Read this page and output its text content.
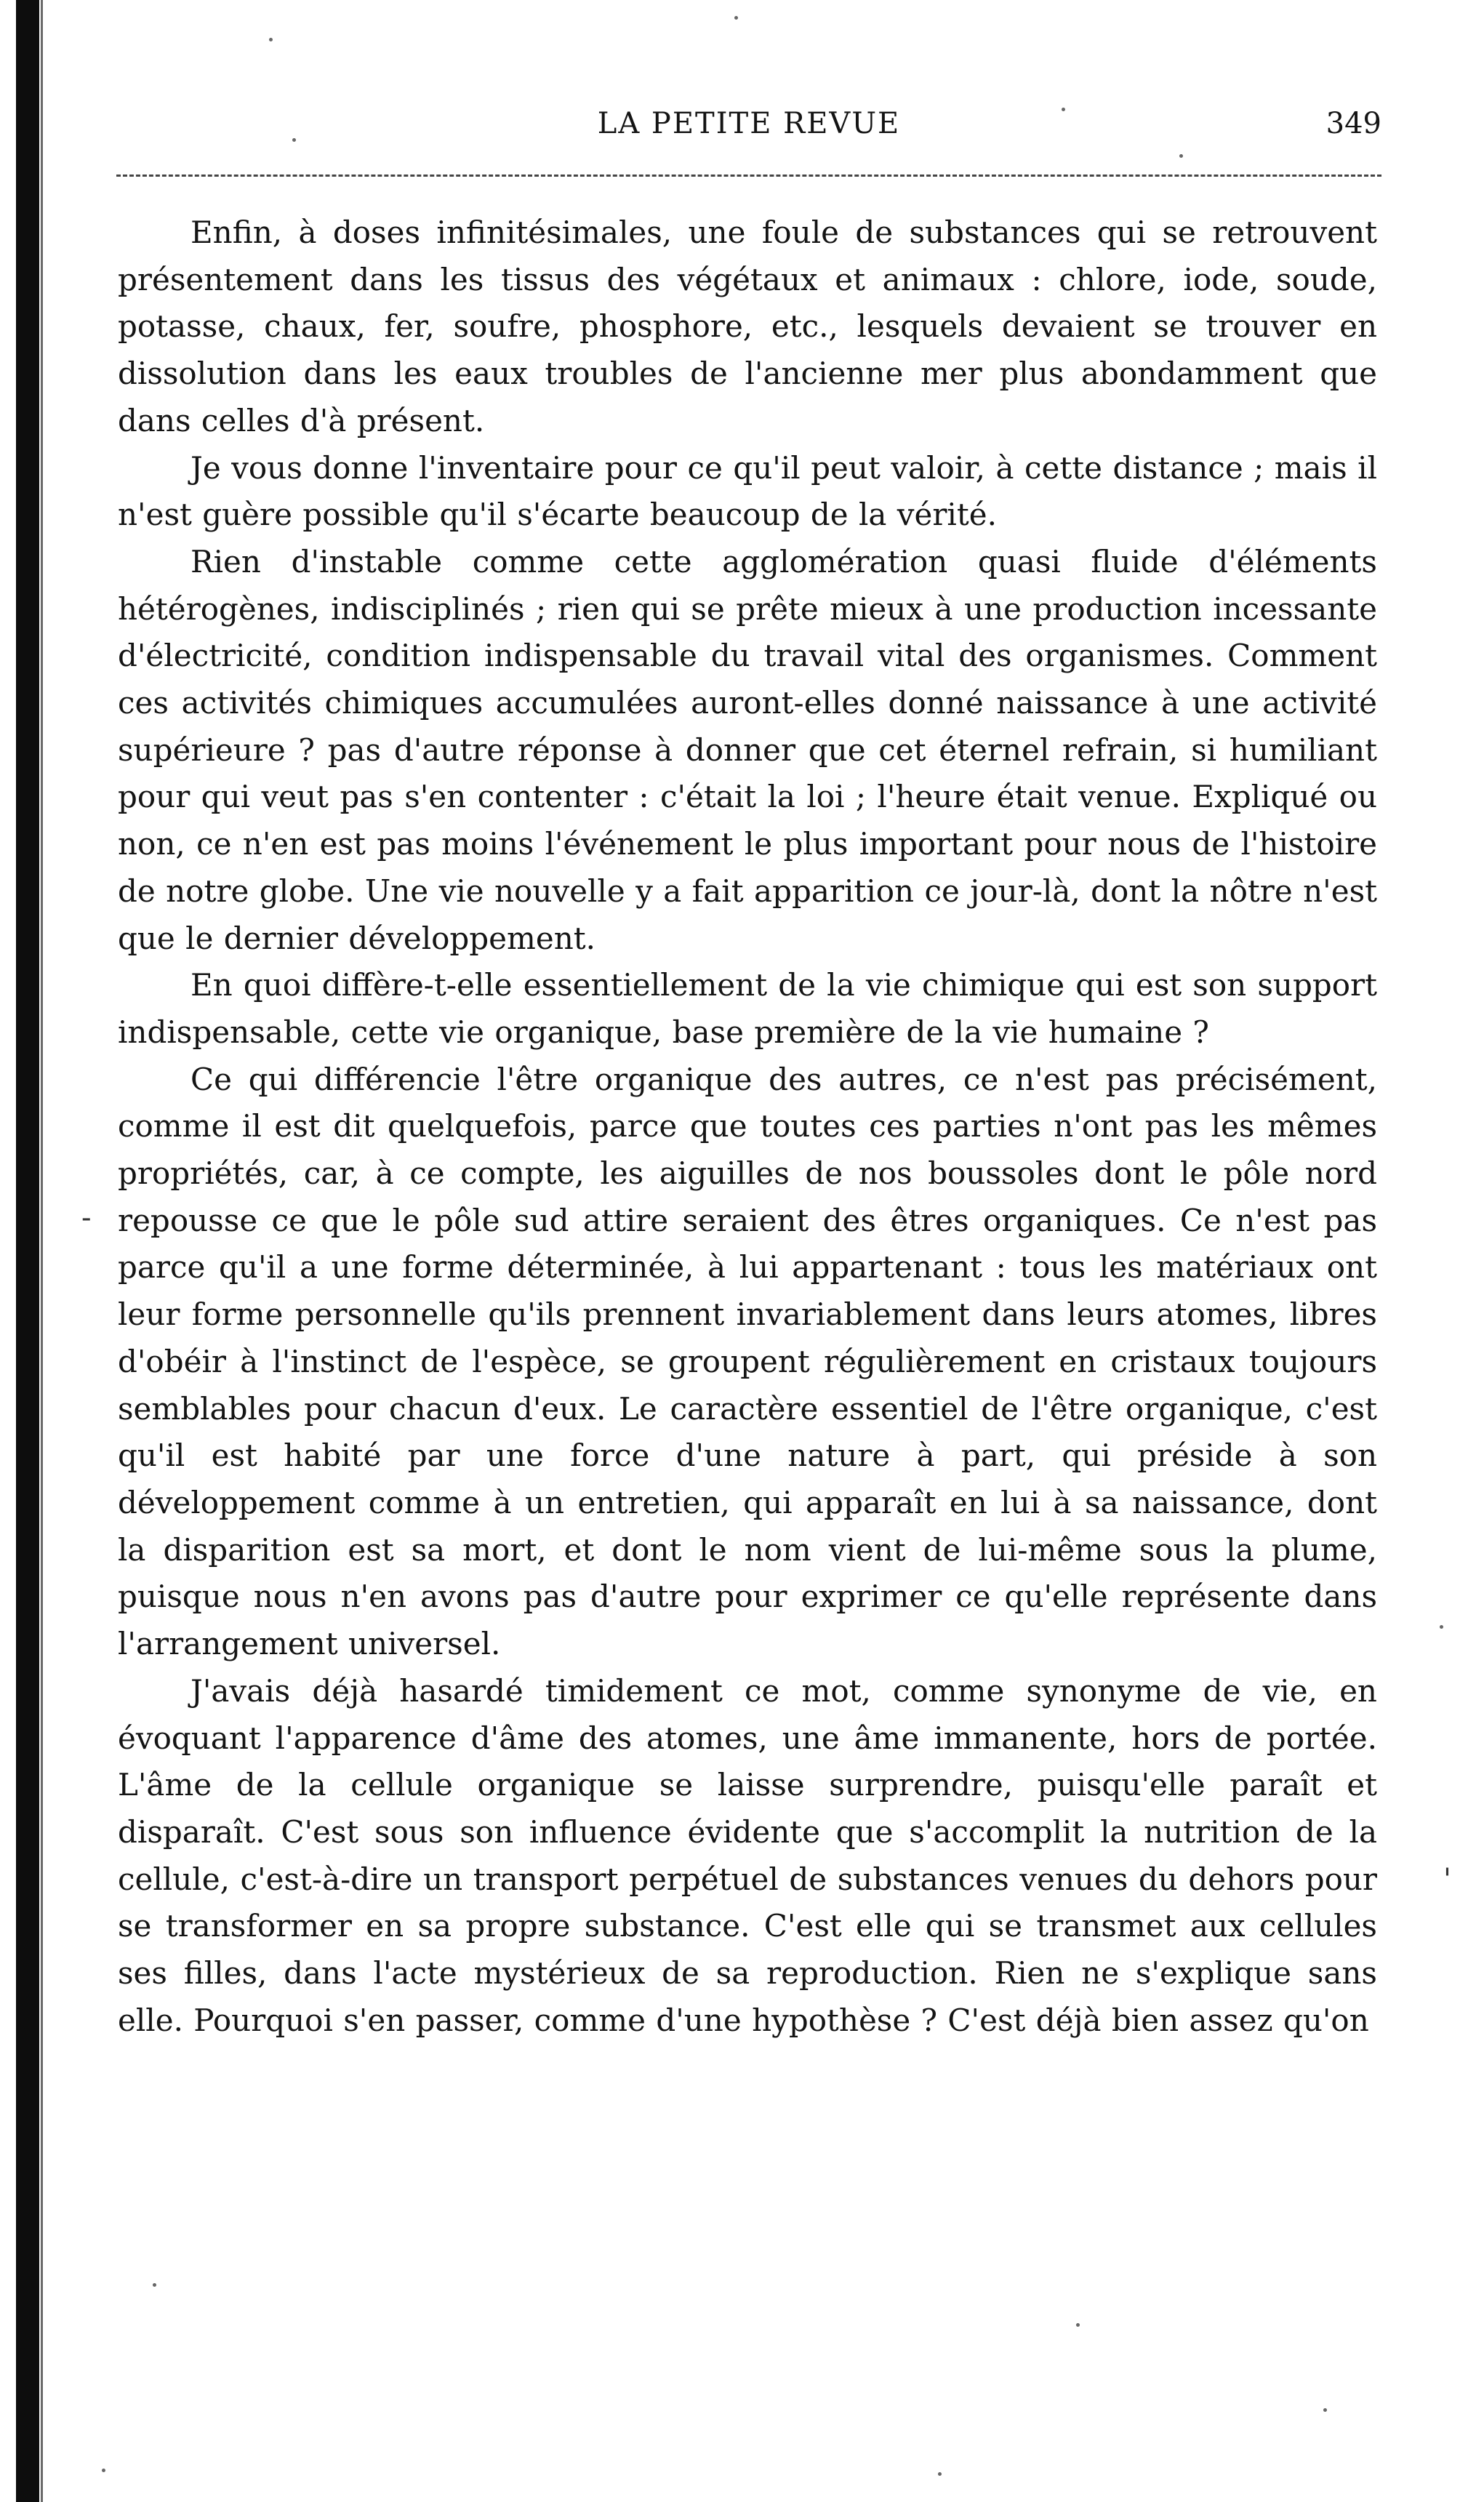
LA PETITE REVUE	349

Enfin, à doses infinitésimales, une foule de substances qui se retrouvent présentement dans les tissus des végétaux et animaux : chlore, iode, soude, potasse, chaux, fer, soufre, phosphore, etc., lesquels devaient se trouver en dissolution dans les eaux troubles de l'ancienne mer plus abondamment que dans celles d'à présent.

Je vous donne l'inventaire pour ce qu'il peut valoir, à cette distance ; mais il n'est guère possible qu'il s'écarte beaucoup de la vérité.

Rien d'instable comme cette agglomération quasi fluide d'éléments hétérogènes, indisciplinés ; rien qui se prête mieux à une production incessante d'électricité, condition indispensable du travail vital des organismes. Comment ces activités chimiques accumulées auront-elles donné naissance à une activité supérieure ? pas d'autre réponse à donner que cet éternel refrain, si humiliant pour qui veut pas s'en contenter : c'était la loi ; l'heure était venue. Expliqué ou non, ce n'en est pas moins l'événement le plus important pour nous de l'histoire de notre globe. Une vie nouvelle y a fait apparition ce jour-là, dont la nôtre n'est que le dernier développement.

En quoi diffère-t-elle essentiellement de la vie chimique qui est son support indispensable, cette vie organique, base première de la vie humaine ?

Ce qui différencie l'être organique des autres, ce n'est pas précisément, comme il est dit quelquefois, parce que toutes ces parties n'ont pas les mêmes propriétés, car, à ce compte, les aiguilles de nos boussoles dont le pôle nord repousse ce que le pôle sud attire seraient des êtres organiques. Ce n'est pas parce qu'il a une forme déterminée, à lui appartenant : tous les matériaux ont leur forme personnelle qu'ils prennent invariablement dans leurs atomes, libres d'obéir à l'instinct de l'espèce, se groupent régulièrement en cristaux toujours semblables pour chacun d'eux. Le caractère essentiel de l'être organique, c'est qu'il est habité par une force d'une nature à part, qui préside à son développement comme à un entretien, qui apparaît en lui à sa naissance, dont la disparition est sa mort, et dont le nom vient de lui-même sous la plume, puisque nous n'en avons pas d'autre pour exprimer ce qu'elle représente dans l'arrangement universel.

J'avais déjà hasardé timidement ce mot, comme synonyme de vie, en évoquant l'apparence d'âme des atomes, une âme immanente, hors de portée. L'âme de la cellule organique se laisse surprendre, puisqu'elle paraît et disparaît. C'est sous son influence évidente que s'accomplit la nutrition de la cellule, c'est-à-dire un transport perpétuel de substances venues du dehors pour se transformer en sa propre substance. C'est elle qui se transmet aux cellules ses filles, dans l'acte mystérieux de sa reproduction. Rien ne s'explique sans elle. Pourquoi s'en passer, comme d'une hypothèse ? C'est déjà bien assez qu'on

-
'
